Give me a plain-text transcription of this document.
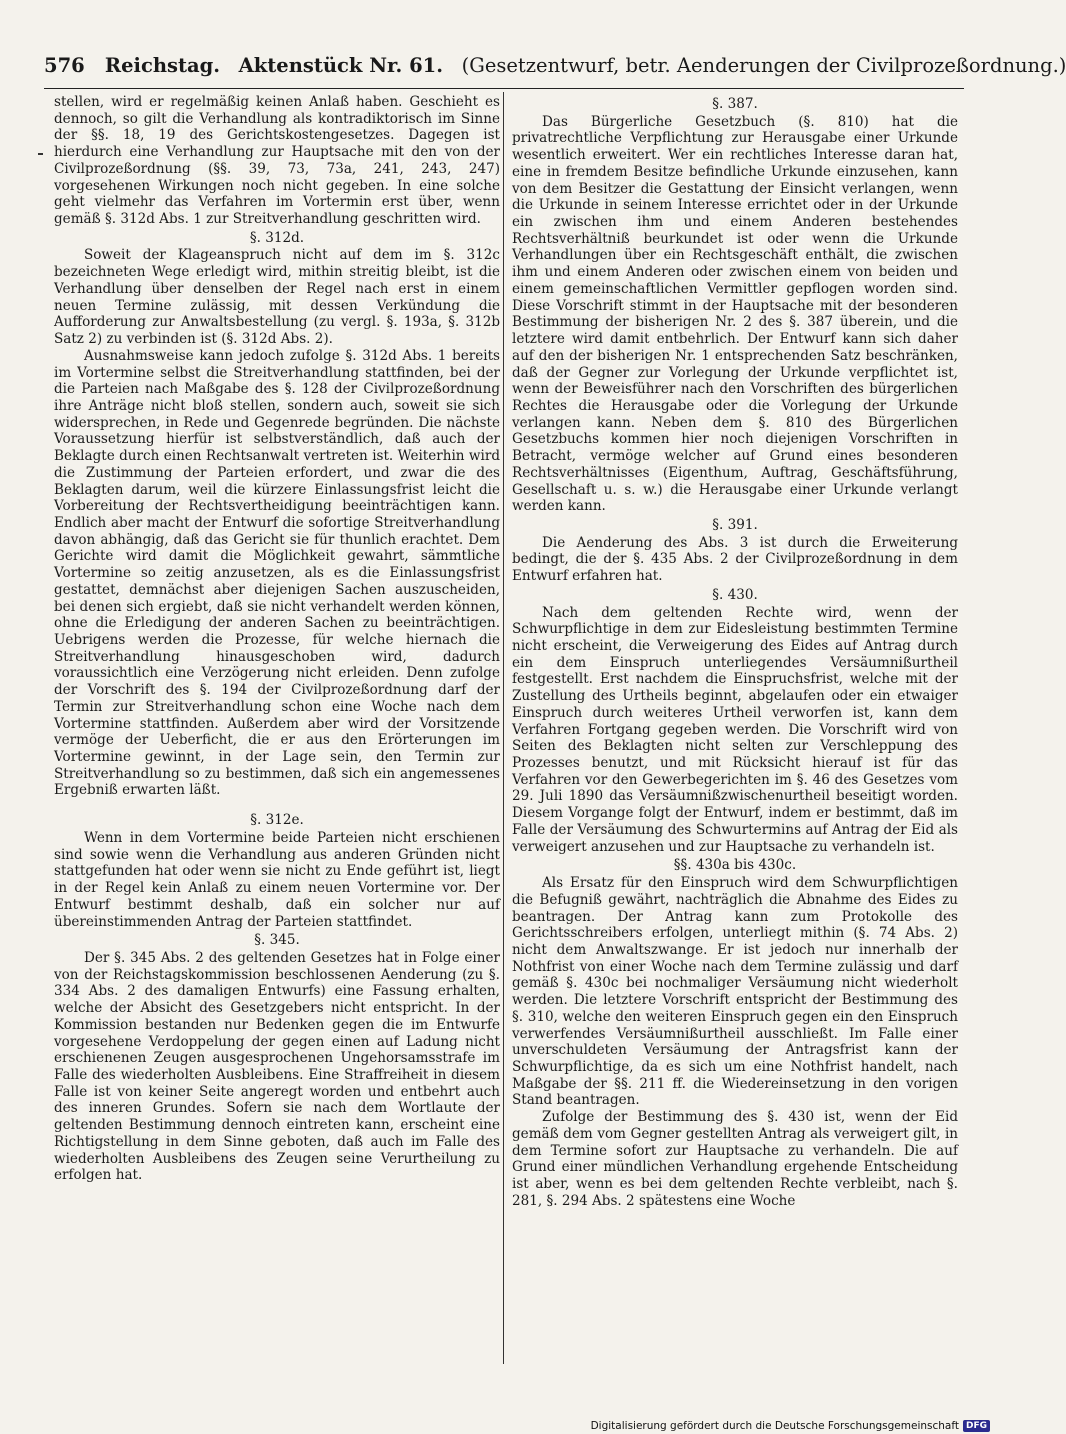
576 Reichstag. Aktenstück Nr. 61. (Gesetzentwurf, betr. Aenderungen der Civilprozeßordnung.)

stellen, wird er regelmäßig keinen Anlaß haben. Geschieht es dennoch, so gilt die Verhandlung als kontradiktorisch im Sinne der §§. 18, 19 des Gerichtskostengesetzes. Dagegen ist hierdurch eine Verhandlung zur Hauptsache mit den von der Civilprozeßordnung (§§. 39, 73, 73a, 241, 243, 247) vorgesehenen Wirkungen noch nicht gegeben. In eine solche geht vielmehr das Verfahren im Vortermin erst über, wenn gemäß §. 312d Abs. 1 zur Streitverhandlung geschritten wird.

§. 312d.

Soweit der Klageanspruch nicht auf dem im §. 312c bezeichneten Wege erledigt wird, mithin streitig bleibt, ist die Verhandlung über denselben der Regel nach erst in einem neuen Termine zulässig, mit dessen Verkündung die Aufforderung zur Anwaltsbestellung (zu vergl. §. 193a, §. 312b Satz 2) zu verbinden ist (§. 312d Abs. 2).

Ausnahmsweise kann jedoch zufolge §. 312d Abs. 1 bereits im Vortermine selbst die Streitverhandlung stattfinden, bei der die Parteien nach Maßgabe des §. 128 der Civilprozeßordnung ihre Anträge nicht bloß stellen, sondern auch, soweit sie sich widersprechen, in Rede und Gegenrede begründen. Die nächste Voraussetzung hierfür ist selbstverständlich, daß auch der Beklagte durch einen Rechtsanwalt vertreten ist. Weiterhin wird die Zustimmung der Parteien erfordert, und zwar die des Beklagten darum, weil die kürzere Einlassungsfrist leicht die Vorbereitung der Rechtsvertheidigung beeinträchtigen kann. Endlich aber macht der Entwurf die sofortige Streitverhandlung davon abhängig, daß das Gericht sie für thunlich erachtet. Dem Gerichte wird damit die Möglichkeit gewahrt, sämmtliche Vortermine so zeitig anzusetzen, als es die Einlassungsfrist gestattet, demnächst aber diejenigen Sachen auszuscheiden, bei denen sich ergiebt, daß sie nicht verhandelt werden können, ohne die Erledigung der anderen Sachen zu beeinträchtigen. Uebrigens werden die Prozesse, für welche hiernach die Streitverhandlung hinausgeschoben wird, dadurch voraussichtlich eine Verzögerung nicht erleiden. Denn zufolge der Vorschrift des §. 194 der Civilprozeßordnung darf der Termin zur Streitverhandlung schon eine Woche nach dem Vortermine stattfinden. Außerdem aber wird der Vorsitzende vermöge der Ueberficht, die er aus den Erörterungen im Vortermine gewinnt, in der Lage sein, den Termin zur Streitverhandlung so zu bestimmen, daß sich ein angemessenes Ergebniß erwarten läßt.

§. 312e.

Wenn in dem Vortermine beide Parteien nicht erschienen sind sowie wenn die Verhandlung aus anderen Gründen nicht stattgefunden hat oder wenn sie nicht zu Ende geführt ist, liegt in der Regel kein Anlaß zu einem neuen Vortermine vor. Der Entwurf bestimmt deshalb, daß ein solcher nur auf übereinstimmenden Antrag der Parteien stattfindet.

§. 345.

Der §. 345 Abs. 2 des geltenden Gesetzes hat in Folge einer von der Reichstagskommission beschlossenen Aenderung (zu §. 334 Abs. 2 des damaligen Entwurfs) eine Fassung erhalten, welche der Absicht des Gesetzgebers nicht entspricht. In der Kommission bestanden nur Bedenken gegen die im Entwurfe vorgesehene Verdoppelung der gegen einen auf Ladung nicht erschienenen Zeugen ausgesprochenen Ungehorsamsstrafe im Falle des wiederholten Ausbleibens. Eine Straffreiheit in diesem Falle ist von keiner Seite angeregt worden und entbehrt auch des inneren Grundes. Sofern sie nach dem Wortlaute der geltenden Bestimmung dennoch eintreten kann, erscheint eine Richtigstellung in dem Sinne geboten, daß auch im Falle des wiederholten Ausbleibens des Zeugen seine Verurtheilung zu erfolgen hat.

§. 387.

Das Bürgerliche Gesetzbuch (§. 810) hat die privatrechtliche Verpflichtung zur Herausgabe einer Urkunde wesentlich erweitert. Wer ein rechtliches Interesse daran hat, eine in fremdem Besitze befindliche Urkunde einzusehen, kann von dem Besitzer die Gestattung der Einsicht verlangen, wenn die Urkunde in seinem Interesse errichtet oder in der Urkunde ein zwischen ihm und einem Anderen bestehendes Rechtsverhältniß beurkundet ist oder wenn die Urkunde Verhandlungen über ein Rechtsgeschäft enthält, die zwischen ihm und einem Anderen oder zwischen einem von beiden und einem gemeinschaftlichen Vermittler gepflogen worden sind. Diese Vorschrift stimmt in der Hauptsache mit der besonderen Bestimmung der bisherigen Nr. 2 des §. 387 überein, und die letztere wird damit entbehrlich. Der Entwurf kann sich daher auf den der bisherigen Nr. 1 entsprechenden Satz beschränken, daß der Gegner zur Vorlegung der Urkunde verpflichtet ist, wenn der Beweisführer nach den Vorschriften des bürgerlichen Rechtes die Herausgabe oder die Vorlegung der Urkunde verlangen kann. Neben dem §. 810 des Bürgerlichen Gesetzbuchs kommen hier noch diejenigen Vorschriften in Betracht, vermöge welcher auf Grund eines besonderen Rechtsverhältnisses (Eigenthum, Auftrag, Geschäftsführung, Gesellschaft u. s. w.) die Herausgabe einer Urkunde verlangt werden kann.

§. 391.

Die Aenderung des Abs. 3 ist durch die Erweiterung bedingt, die der §. 435 Abs. 2 der Civilprozeßordnung in dem Entwurf erfahren hat.

§. 430.

Nach dem geltenden Rechte wird, wenn der Schwurpflichtige in dem zur Eidesleistung bestimmten Termine nicht erscheint, die Verweigerung des Eides auf Antrag durch ein dem Einspruch unterliegendes Versäumnißurtheil festgestellt. Erst nachdem die Einspruchsfrist, welche mit der Zustellung des Urtheils beginnt, abgelaufen oder ein etwaiger Einspruch durch weiteres Urtheil verworfen ist, kann dem Verfahren Fortgang gegeben werden. Die Vorschrift wird von Seiten des Beklagten nicht selten zur Verschleppung des Prozesses benutzt, und mit Rücksicht hierauf ist für das Verfahren vor den Gewerbegerichten im §. 46 des Gesetzes vom 29. Juli 1890 das Versäumnißzwischenurtheil beseitigt worden. Diesem Vorgange folgt der Entwurf, indem er bestimmt, daß im Falle der Versäumung des Schwurtermins auf Antrag der Eid als verweigert anzusehen und zur Hauptsache zu verhandeln ist.

§§. 430a bis 430c.

Als Ersatz für den Einspruch wird dem Schwurpflichtigen die Befugniß gewährt, nachträglich die Abnahme des Eides zu beantragen. Der Antrag kann zum Protokolle des Gerichtsschreibers erfolgen, unterliegt mithin (§. 74 Abs. 2) nicht dem Anwaltszwange. Er ist jedoch nur innerhalb der Nothfrist von einer Woche nach dem Termine zulässig und darf gemäß §. 430c bei nochmaliger Versäumung nicht wiederholt werden. Die letztere Vorschrift entspricht der Bestimmung des §. 310, welche den weiteren Einspruch gegen ein den Einspruch verwerfendes Versäumnißurtheil ausschließt. Im Falle einer unverschuldeten Versäumung der Antragsfrist kann der Schwurpflichtige, da es sich um eine Nothfrist handelt, nach Maßgabe der §§. 211 ff. die Wiedereinsetzung in den vorigen Stand beantragen.

Zufolge der Bestimmung des §. 430 ist, wenn der Eid gemäß dem vom Gegner gestellten Antrag als verweigert gilt, in dem Termine sofort zur Hauptsache zu verhandeln. Die auf Grund einer mündlichen Verhandlung ergehende Entscheidung ist aber, wenn es bei dem geltenden Rechte verbleibt, nach §. 281, §. 294 Abs. 2 spätestens eine Woche

Digitalisierung gefördert durch die Deutsche Forschungsgemeinschaft DFG
